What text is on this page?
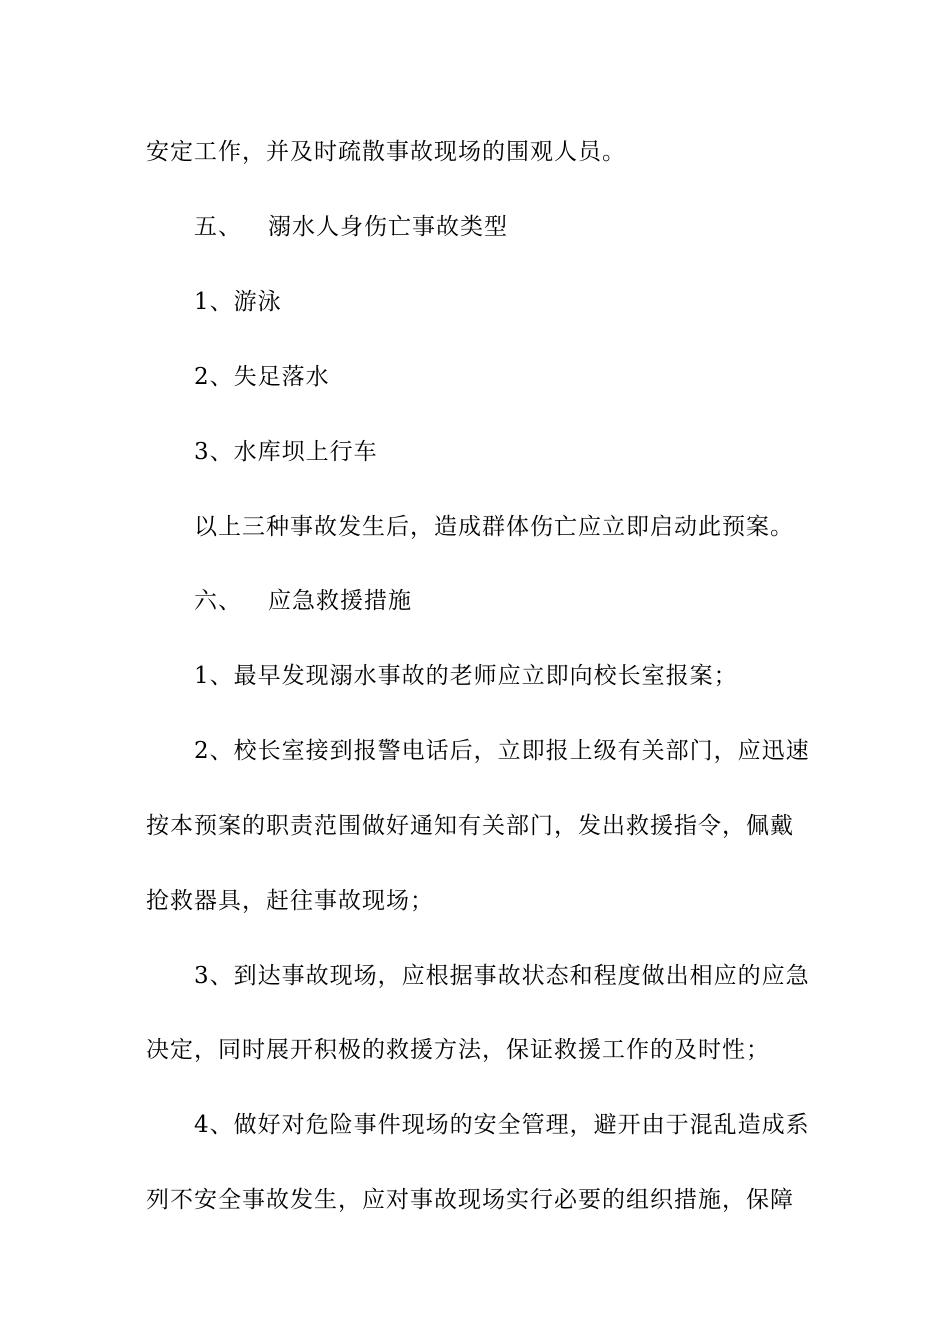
安定工作，并及时疏散事故现场的围观人员。
五、 溺水人身伤亡事故类型
1、游泳
2、失足落水
3、水库坝上行车
以上三种事故发生后，造成群体伤亡应立即启动此预案。
六、 应急救援措施
1、最早发现溺水事故的老师应立即向校长室报案；
2、校长室接到报警电话后，立即报上级有关部门，应迅速
按本预案的职责范围做好通知有关部门，发出救援指令，佩戴
抢救器具，赶往事故现场；
3、到达事故现场，应根据事故状态和程度做出相应的应急
决定，同时展开积极的救援方法，保证救援工作的及时性；
4、做好对危险事件现场的安全管理，避开由于混乱造成系
列不安全事故发生，应对事故现场实行必要的组织措施，保障
